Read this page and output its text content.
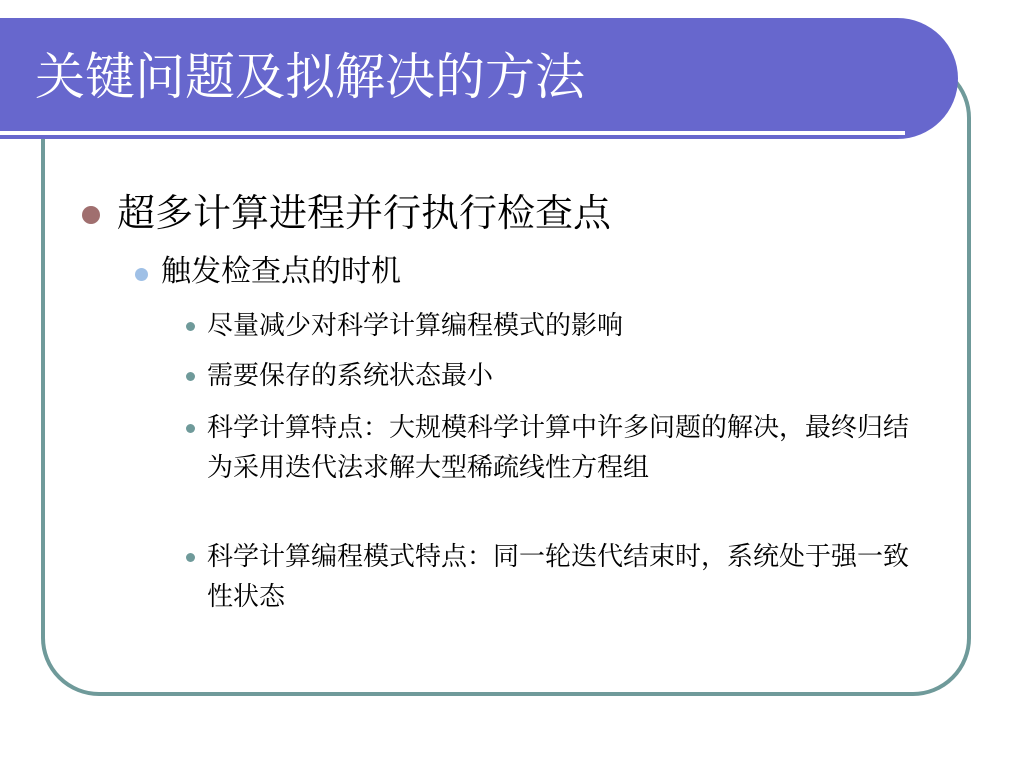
关键问题及拟解决的方法
超多计算进程并行执行检查点
触发检查点的时机
尽量减少对科学计算编程模式的影响
需要保存的系统状态最小
科学计算特点：大规模科学计算中许多问题的解决，最终归结为采用迭代法求解大型稀疏线性方程组
科学计算编程模式特点：同一轮迭代结束时，系统处于强一致性状态
